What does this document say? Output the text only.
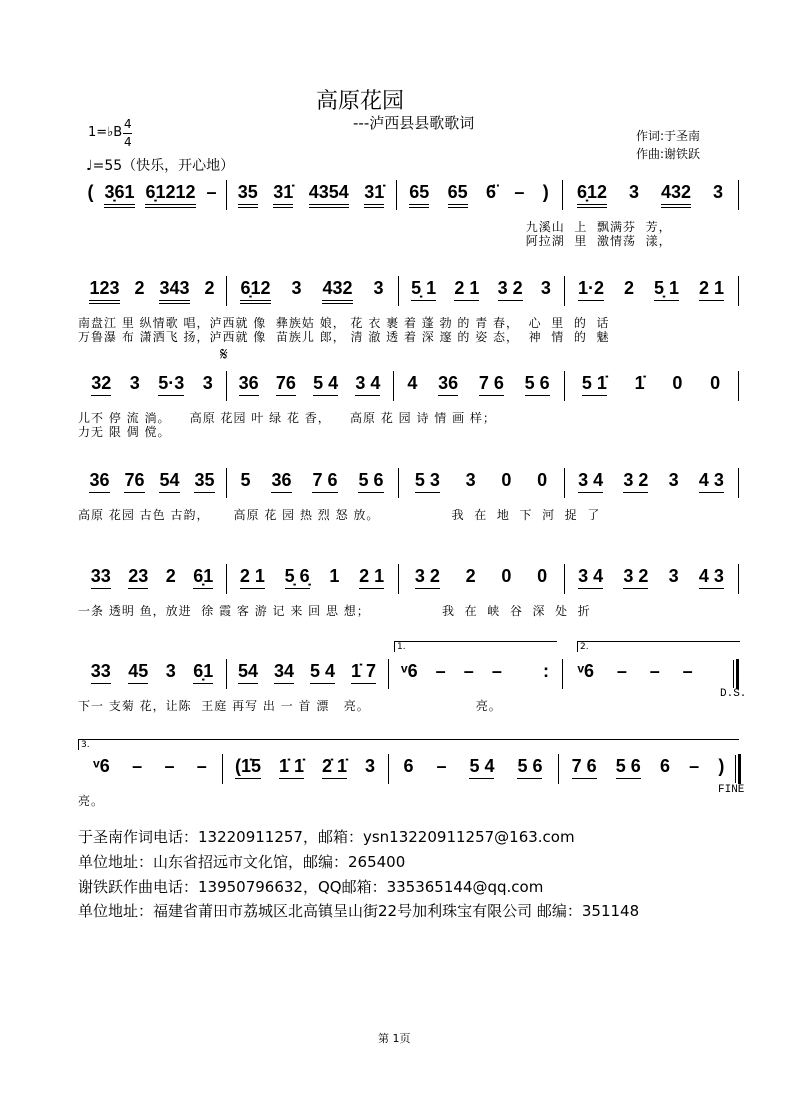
高原花园
---泸西县县歌歌词
1=♭B
4
4
♩=55（快乐，开心地）
作词:于圣南
作曲:谢铁跃
( 3̣61 6̣1212 – 35 31̇ 4354 31̇ 65 65 6̈ – ) 6̣12 3 432 3
九溪山  上  飘满芬  芳，
阿拉湖  里  激情荡  漾，
123 2 343 2 6̣12 3 432 3 5̣ 1 2 1 3 2 3 1·2 2 5̣ 1 2 1
南盘江 里 纵情歌 唱，泸西就 像  彝族姑 娘， 花 衣 裹 着 蓬 勃 的 青 春，  心  里  的  话
万鲁瀑 布 潇洒飞 扬，泸西就 像  苗族儿 郎， 清 澈 透 着 深 邃 的 姿 态，  神  情  的  魅
32 3 5·3 3 36 76 5 4 3 4 4 36 7 6 5 6 5 1̇ 1̇ 0 0
儿不 停 流 淌。    高原 花园 叶 绿 花 香，    高原 花 园 诗 情 画 样；
力无 限 倜 傥。
36 76 54 35 5 36 7 6 5 6 5 3 3 0 0 3 4 3 2 3 4 3
高原 花园 古色 古韵，     高原 花 园 热 烈 怒 放。               我  在  地  下  河  捉  了
33 23 2 6̣1 2 1 5̣ 6̣ 1 2 1 3 2 2 0 0 3 4 3 2 3 4 3
一条 透明 鱼，放进  徐 霞 客 游 记 来 回 思 想；               我  在  峡  谷  深  处  折
33 45 3 6̣1 54 34 5 4 1̇ 7 ᵛ6 – – –
: ᵛ6 – – –

下一 支菊 花，让陈  王庭 再写 出 一 首 漂   亮。                      亮。
ᵛ6 – – – (1̇5 1̇ 1̇ 2̇ 1̇ 3 6 – 5 4 5 6 7 6 5 6 6 – )
亮。
1.	2.
3.
D.S.
FINE
𝄋
于圣南作词电话：13220911257，邮箱：ysn13220911257@163.com
单位地址：山东省招远市文化馆，邮编：265400
谢铁跃作曲电话：13950796632，QQ邮箱：335365144@qq.com
单位地址：福建省莆田市荔城区北高镇呈山街22号加利珠宝有限公司 邮编：351148
第 1页
